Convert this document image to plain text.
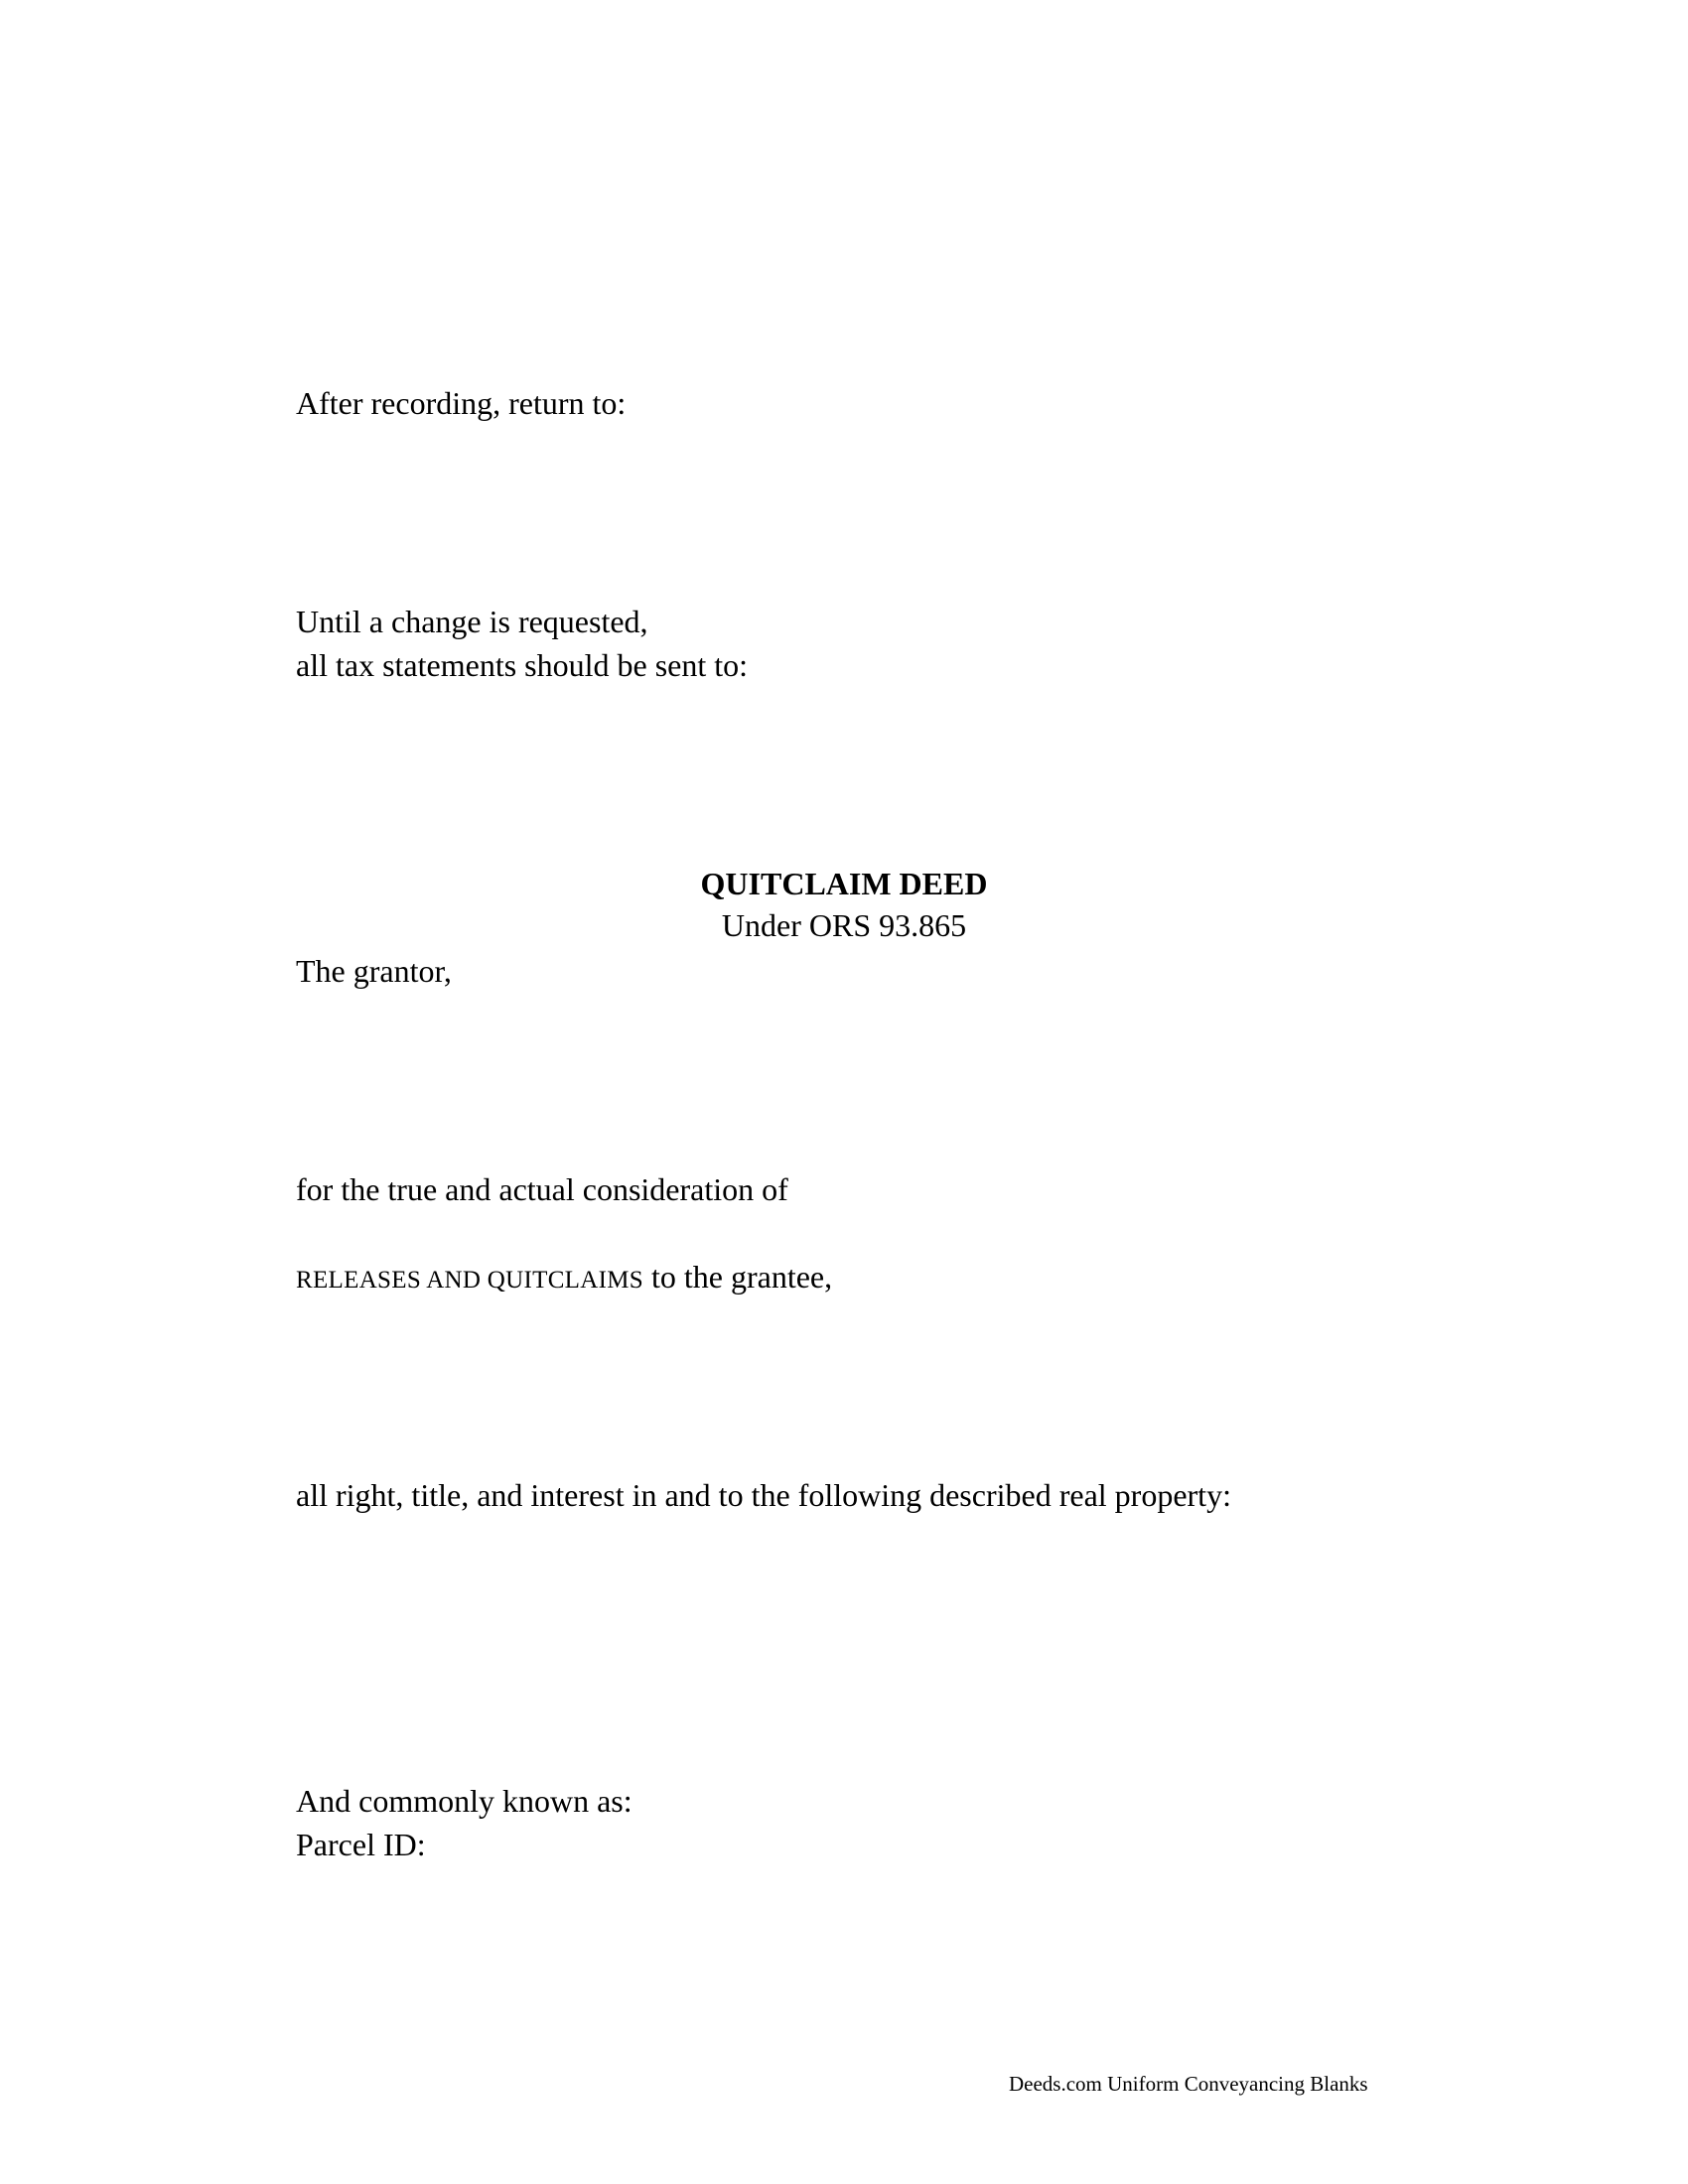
After recording, return to:
Until a change is requested,
all tax statements should be sent to:
QUITCLAIM DEED
Under ORS 93.865
The grantor,
for the true and actual consideration of
RELEASES AND QUITCLAIMS to the grantee,
all right, title, and interest in and to the following described real property:
And commonly known as:
Parcel ID:
Deeds.com Uniform Conveyancing Blanks
